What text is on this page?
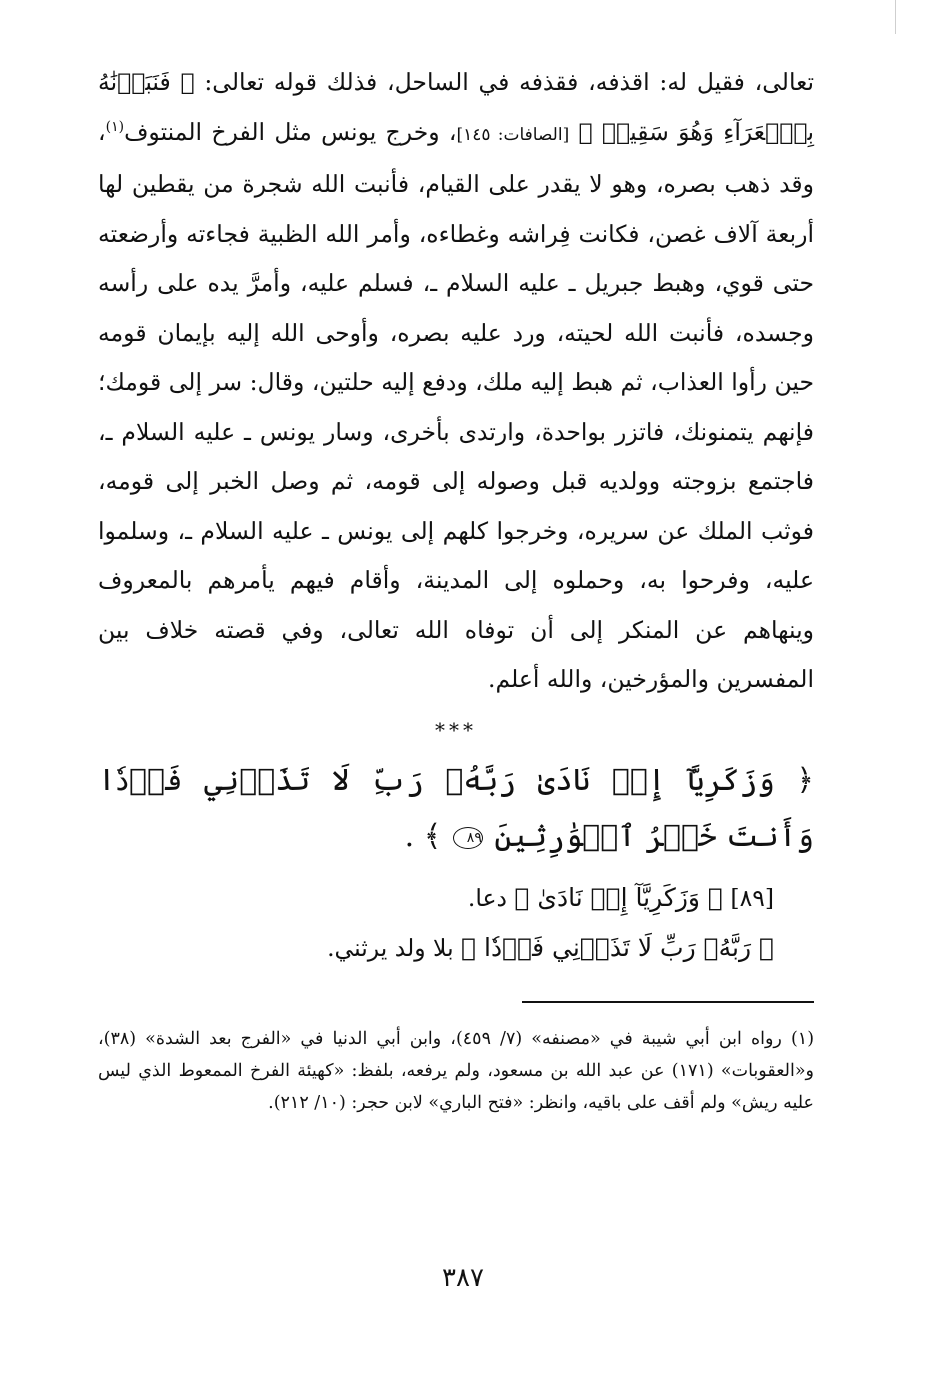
تعالى، فقيل له: اقذفه، فقذفه في الساحل، فذلك قوله تعالى: ﴿ فَنَبَذۡنَٰهُ بِٱلۡعَرَآءِ وَهُوَ سَقِيمٞ ﴾ [الصافات: ١٤٥]، وخرج يونس مثل الفرخ المنتوف$^{(١)}$، وقد ذهب بصره، وهو لا يقدر على القيام، فأنبت الله شجرة من يقطين لها أربعة آلاف غصن، فكانت فِراشه وغطاءه، وأمر الله الظبية فجاءته وأرضعته حتى قوي، وهبط جبريل ـ عليه السلام ـ، فسلم عليه، وأمرَّ يده على رأسه وجسده، فأنبت الله لحيته، ورد عليه بصره، وأوحى الله إليه بإيمان قومه حين رأوا العذاب، ثم هبط إليه ملك، ودفع إليه حلتين، وقال: سر إلى قومك؛ فإنهم يتمنونك، فاتزر بواحدة، وارتدى بأخرى، وسار يونس ـ عليه السلام ـ، فاجتمع بزوجته وولديه قبل وصوله إلى قومه، ثم وصل الخبر إلى قومه، فوثب الملك عن سريره، وخرجوا كلهم إلى يونس ـ عليه السلام ـ، وسلموا عليه، وفرحوا به، وحملوه إلى المدينة، وأقام فيهم يأمرهم بالمعروف وينهاهم عن المنكر إلى أن توفاه الله تعالى، وفي قصته خلاف بين المفسرين والمؤرخين، والله أعلم.

***

﴿ وَزَكَرِيَّآ إِذۡ نَادَىٰ رَبَّهُۥ رَبِّ لَا تَذَرۡنِي فَرۡدٗا وَأَنتَ خَيۡرُ ٱلۡوَٰرِثِينَ ٨٩ ﴾ .

[٨٩] ﴿ وَزَكَرِيَّآ إِذۡ نَادَىٰ ﴾ دعا.
﴿ رَبَّهُۥ رَبِّ لَا تَذَرۡنِي فَرۡدٗا ﴾ بلا ولد يرثني.

(١) رواه ابن أبي شيبة في «مصنفه» (٧/ ٤٥٩)، وابن أبي الدنيا في «الفرج بعد الشدة» (٣٨)، و«العقوبات» (١٧١) عن عبد الله بن مسعود، ولم يرفعه، بلفظ: «كهيئة الفرخ الممعوط الذي ليس عليه ريش» ولم أقف على باقيه، وانظر: «فتح الباري» لابن حجر: (١٠/ ٢١٢).

٣٨٧
